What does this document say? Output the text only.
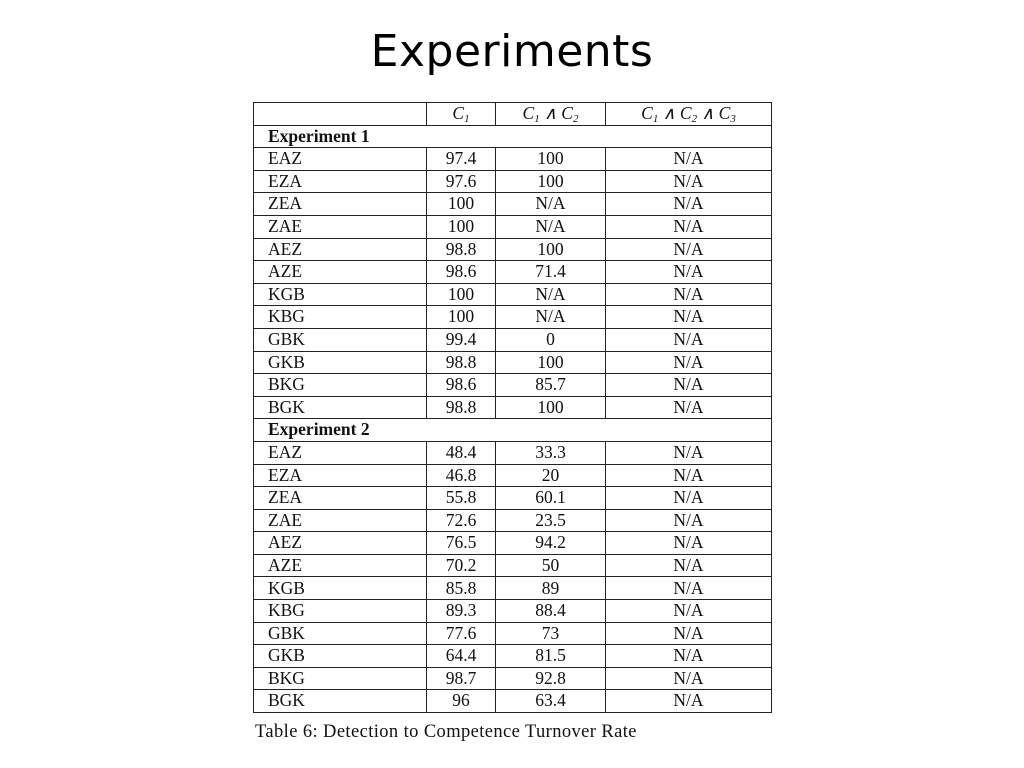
Experiments
	$C_1$	$C_1$ ∧ $C_2$	$C_1$ ∧ $C_2$ ∧ $C_3$
Experiment 1			
EAZ	97.4	100	N/A
EZA	97.6	100	N/A
ZEA	100	N/A	N/A
ZAE	100	N/A	N/A
AEZ	98.8	100	N/A
AZE	98.6	71.4	N/A
KGB	100	N/A	N/A
KBG	100	N/A	N/A
GBK	99.4	0	N/A
GKB	98.8	100	N/A
BKG	98.6	85.7	N/A
BGK	98.8	100	N/A
Experiment 2			
EAZ	48.4	33.3	N/A
EZA	46.8	20	N/A
ZEA	55.8	60.1	N/A
ZAE	72.6	23.5	N/A
AEZ	76.5	94.2	N/A
AZE	70.2	50	N/A
KGB	85.8	89	N/A
KBG	89.3	88.4	N/A
GBK	77.6	73	N/A
GKB	64.4	81.5	N/A
BKG	98.7	92.8	N/A
BGK	96	63.4	N/A
Table 6: Detection to Competence Turnover Rate
